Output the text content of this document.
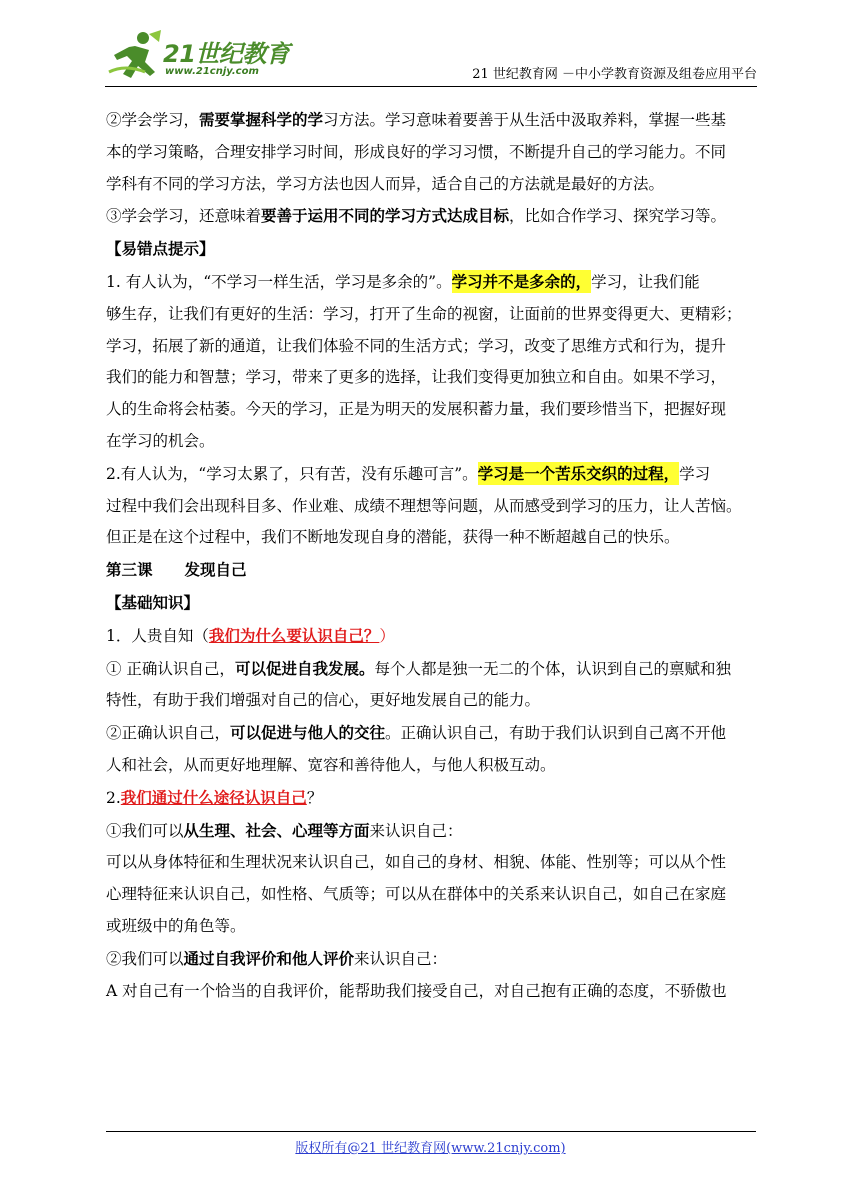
21世纪教育
www.21cnjy.com	21 世纪教育网 －中小学教育资源及组卷应用平台

②学会学习，需要掌握科学的学习方法。学习意味着要善于从生活中汲取养料，掌握一些基

本的学习策略，合理安排学习时间，形成良好的学习习惯，不断提升自己的学习能力。不同

学科有不同的学习方法，学习方法也因人而异，适合自己的方法就是最好的方法。

③学会学习，还意味着要善于运用不同的学习方式达成目标，比如合作学习、探究学习等。

【易错点提示】

1. 有人认为，“不学习一样生活，学习是多余的”。学习并不是多余的，学习，让我们能

够生存，让我们有更好的生活：学习，打开了生命的视窗，让面前的世界变得更大、更精彩；

学习，拓展了新的通道，让我们体验不同的生活方式；学习，改变了思维方式和行为，提升

我们的能力和智慧；学习，带来了更多的选择，让我们变得更加独立和自由。如果不学习，

人的生命将会枯萎。今天的学习，正是为明天的发展积蓄力量，我们要珍惜当下，把握好现

在学习的机会。

2.有人认为，“学习太累了，只有苦，没有乐趣可言”。学习是一个苦乐交织的过程，学习

过程中我们会出现科目多、作业难、成绩不理想等问题，从而感受到学习的压力，让人苦恼。

但正是在这个过程中，我们不断地发现自身的潜能，获得一种不断超越自己的快乐。

第三课 发现自己

【基础知识】

1．人贵自知（我们为什么要认识自己？）

① 正确认识自己，可以促进自我发展。每个人都是独一无二的个体，认识到自己的禀赋和独

特性，有助于我们增强对自己的信心，更好地发展自己的能力。

②正确认识自己，可以促进与他人的交往。正确认识自己，有助于我们认识到自己离不开他

人和社会，从而更好地理解、宽容和善待他人，与他人积极互动。

2.我们通过什么途径认识自己？

①我们可以从生理、社会、心理等方面来认识自己：

可以从身体特征和生理状况来认识自己，如自己的身材、相貌、体能、性别等；可以从个性

心理特征来认识自己，如性格、气质等；可以从在群体中的关系来认识自己，如自己在家庭

或班级中的角色等。

②我们可以通过自我评价和他人评价来认识自己：

A 对自己有一个恰当的自我评价，能帮助我们接受自己，对自己抱有正确的态度，不骄傲也

版权所有@21 世纪教育网(www.21cnjy.com)
